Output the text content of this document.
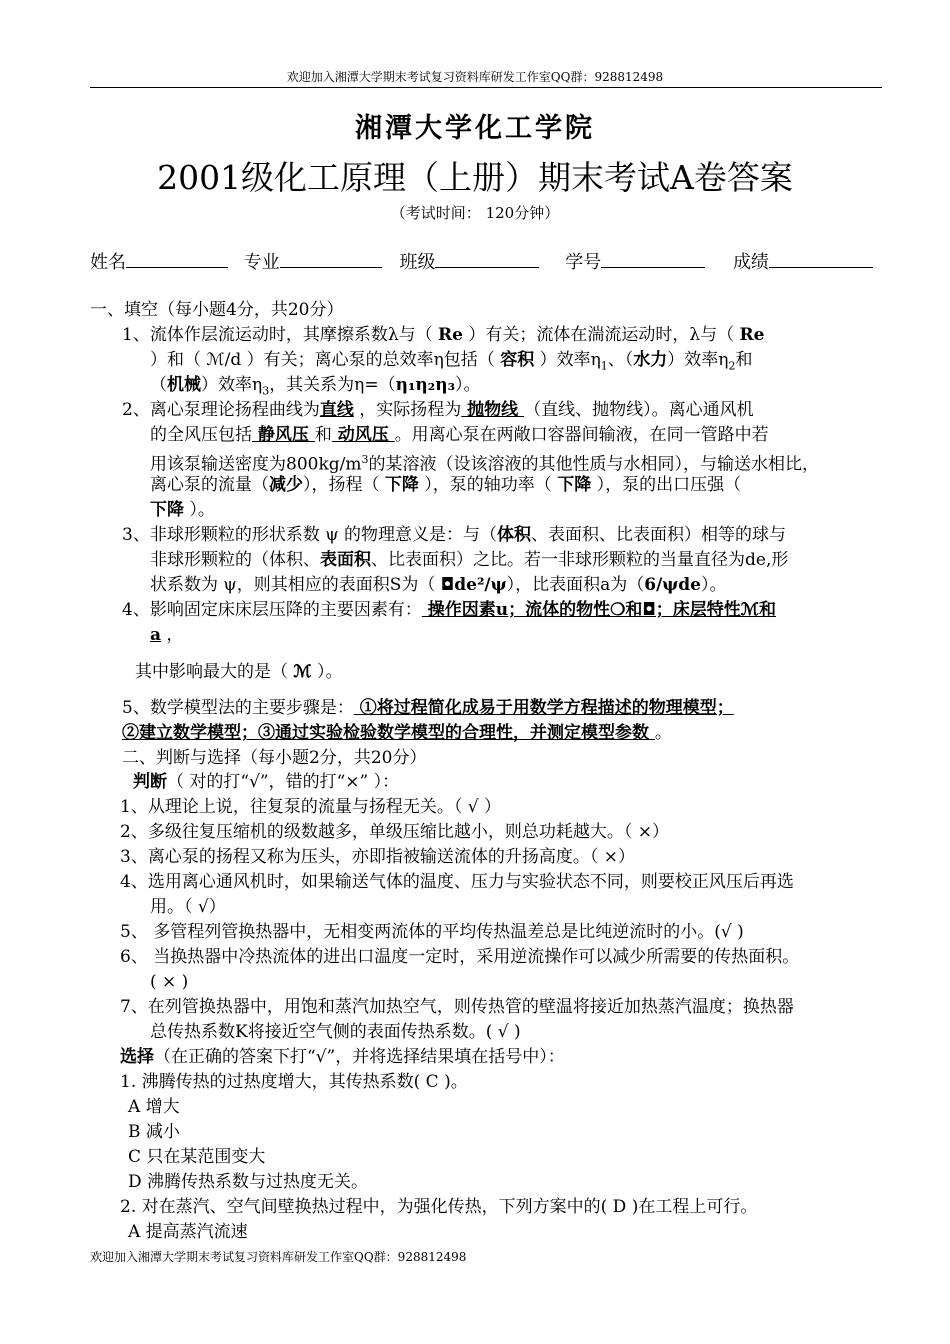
欢迎加入湘潭大学期末考试复习资料库研发工作室QQ群：928812498
湘潭大学化工学院
2001级化工原理（上册）期末考试A卷答案
（考试时间： 120分钟）
姓名	专业	班级	学号	成绩
一、填空（每小题4分，共20分）
1、流体作层流运动时，其摩擦系数λ与（ Re ）有关；流体在湍流运动时，λ与（ Re
）和（ ℳ/d ）有关；离心泵的总效率η包括（ 容积 ）效率$\eta_1$、（水力）效率$\eta_2$和
（机械）效率$\eta_3$，其关系为η=（η₁η₂η₃）。
2、离心泵理论扬程曲线为直线 ，实际扬程为 抛物线 （直线、抛物线）。离心通风机
的全风压包括 静风压 和 动风压 。用离心泵在两敞口容器间输液，在同一管路中若
用该泵输送密度为$800kg/m^3$的某溶液（设该溶液的其他性质与水相同），与输送水相比，
离心泵的流量（减少），扬程（ 下降 ），泵的轴功率（ 下降 ），泵的出口压强（
下降 ）。
3、非球形颗粒的形状系数 ψ 的物理意义是：与（体积、表面积、比表面积）相等的球与
非球形颗粒的（体积、表面积、比表面积）之比。若一非球形颗粒的当量直径为de,形
状系数为 ψ，则其相应的表面积S为（ ◘de²/ψ），比表面积a为（6/ψde）。
4、影响固定床床层压降的主要因素有： 操作因素u；流体的物性❍和◘；床层特性ℳ和
a ，
其中影响最大的是（ ℳ ）。
5、数学模型法的主要步骤是： ①将过程简化成易于用数学方程描述的物理模型；
②建立数学模型；③通过实验检验数学模型的合理性，并测定模型参数 。
二、判断与选择（每小题2分，共20分）
判断（ 对的打“√”，错的打“×” ）：
1、从理论上说，往复泵的流量与扬程无关。（ √ ）
2、多级往复压缩机的级数越多，单级压缩比越小，则总功耗越大。（ ×）
3、离心泵的扬程又称为压头，亦即指被输送流体的升扬高度。（ ×）
4、选用离心通风机时，如果输送气体的温度、压力与实验状态不同，则要校正风压后再选
用。（ √）
5、 多管程列管换热器中，无相变两流体的平均传热温差总是比纯逆流时的小。(√ )
6、 当换热器中冷热流体的进出口温度一定时，采用逆流操作可以减少所需要的传热面积。
( × )
7、在列管换热器中，用饱和蒸汽加热空气，则传热管的壁温将接近加热蒸汽温度；换热器
总传热系数K将接近空气侧的表面传热系数。( √ )
选择（在正确的答案下打“√”，并将选择结果填在括号中）：
1. 沸腾传热的过热度增大，其传热系数( C )。
A 增大
B 减小
C 只在某范围变大
D 沸腾传热系数与过热度无关。
2. 对在蒸汽、空气间壁换热过程中，为强化传热，下列方案中的( D )在工程上可行。
A 提高蒸汽流速
欢迎加入湘潭大学期末考试复习资料库研发工作室QQ群：928812498
